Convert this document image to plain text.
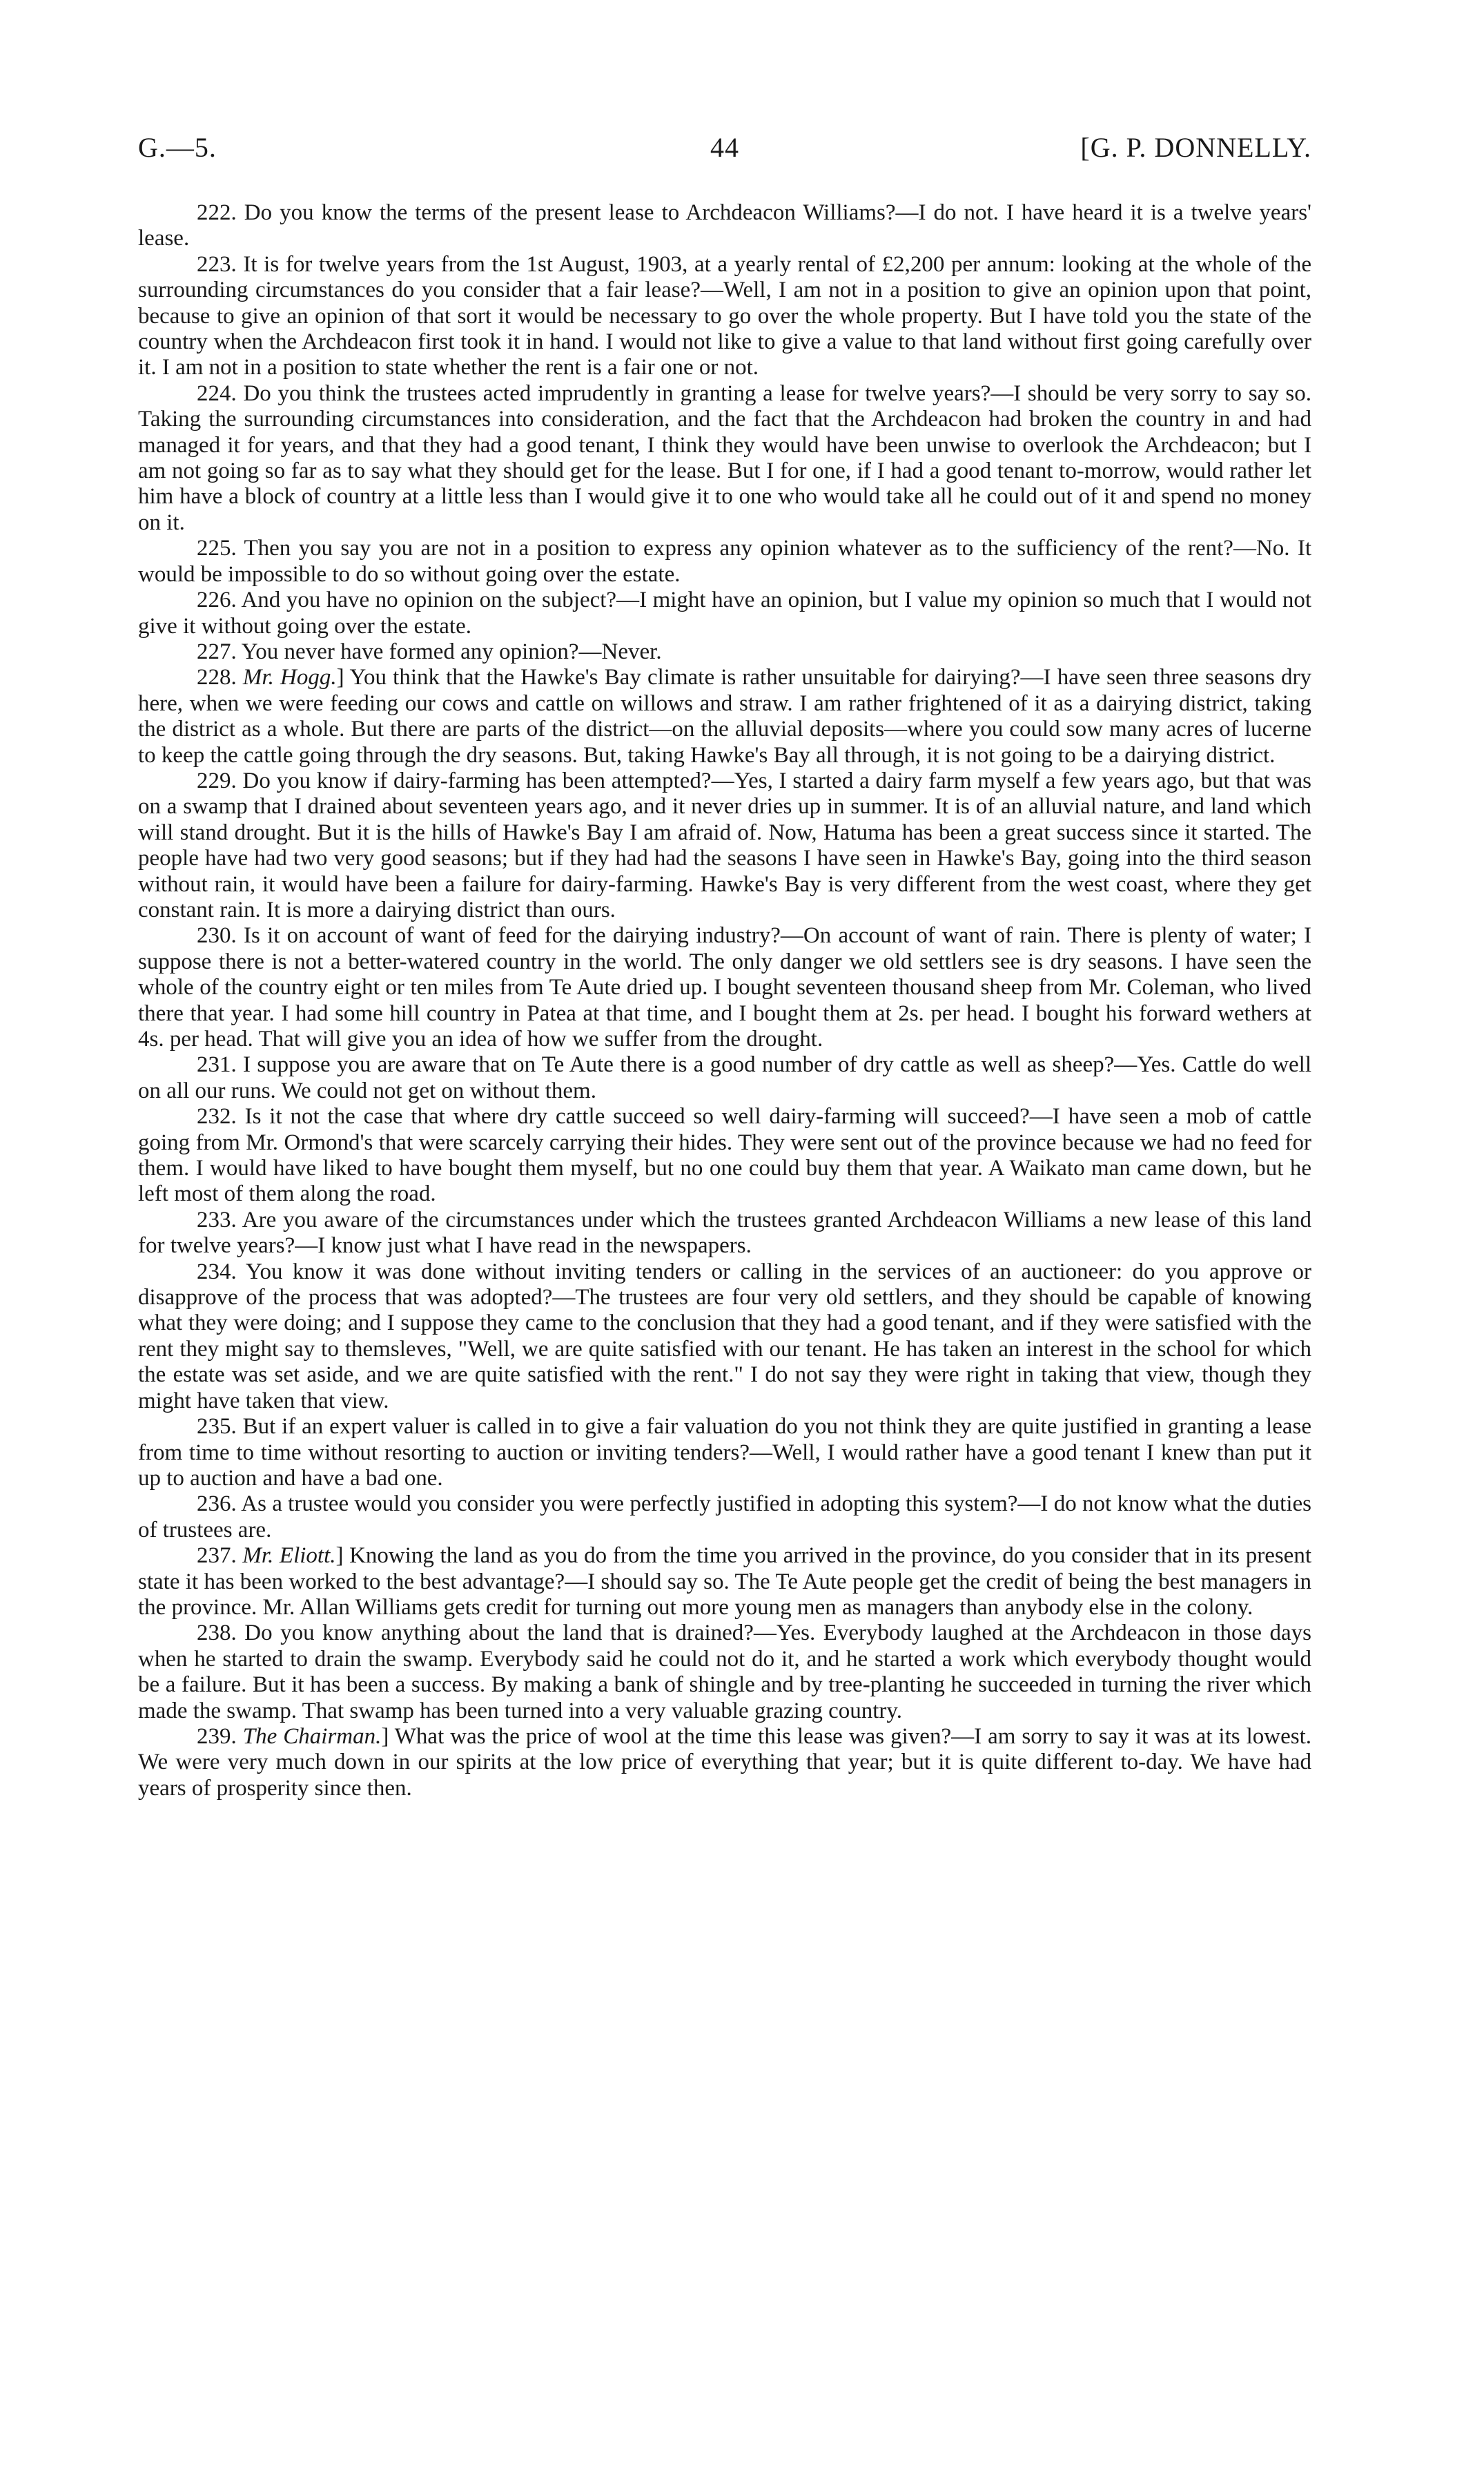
G.—5.	44	[G. P. DONNELLY.

222. Do you know the terms of the present lease to Archdeacon Williams?—I do not. I have heard it is a twelve years' lease.

223. It is for twelve years from the 1st August, 1903, at a yearly rental of £2,200 per annum: looking at the whole of the surrounding circumstances do you consider that a fair lease?—Well, I am not in a position to give an opinion upon that point, because to give an opinion of that sort it would be necessary to go over the whole property. But I have told you the state of the country when the Archdeacon first took it in hand. I would not like to give a value to that land without first going carefully over it. I am not in a position to state whether the rent is a fair one or not.

224. Do you think the trustees acted imprudently in granting a lease for twelve years?—I should be very sorry to say so. Taking the surrounding circumstances into consideration, and the fact that the Archdeacon had broken the country in and had managed it for years, and that they had a good tenant, I think they would have been unwise to overlook the Archdeacon; but I am not going so far as to say what they should get for the lease. But I for one, if I had a good tenant to-morrow, would rather let him have a block of country at a little less than I would give it to one who would take all he could out of it and spend no money on it.

225. Then you say you are not in a position to express any opinion whatever as to the sufficiency of the rent?—No. It would be impossible to do so without going over the estate.

226. And you have no opinion on the subject?—I might have an opinion, but I value my opinion so much that I would not give it without going over the estate.

227. You never have formed any opinion?—Never.

228. Mr. Hogg.] You think that the Hawke's Bay climate is rather unsuitable for dairying?—I have seen three seasons dry here, when we were feeding our cows and cattle on willows and straw. I am rather frightened of it as a dairying district, taking the district as a whole. But there are parts of the district—on the alluvial deposits—where you could sow many acres of lucerne to keep the cattle going through the dry seasons. But, taking Hawke's Bay all through, it is not going to be a dairying district.

229. Do you know if dairy-farming has been attempted?—Yes, I started a dairy farm myself a few years ago, but that was on a swamp that I drained about seventeen years ago, and it never dries up in summer. It is of an alluvial nature, and land which will stand drought. But it is the hills of Hawke's Bay I am afraid of. Now, Hatuma has been a great success since it started. The people have had two very good seasons; but if they had had the seasons I have seen in Hawke's Bay, going into the third season without rain, it would have been a failure for dairy-farming. Hawke's Bay is very different from the west coast, where they get constant rain. It is more a dairying district than ours.

230. Is it on account of want of feed for the dairying industry?—On account of want of rain. There is plenty of water; I suppose there is not a better-watered country in the world. The only danger we old settlers see is dry seasons. I have seen the whole of the country eight or ten miles from Te Aute dried up. I bought seventeen thousand sheep from Mr. Coleman, who lived there that year. I had some hill country in Patea at that time, and I bought them at 2s. per head. I bought his forward wethers at 4s. per head. That will give you an idea of how we suffer from the drought.

231. I suppose you are aware that on Te Aute there is a good number of dry cattle as well as sheep?—Yes. Cattle do well on all our runs. We could not get on without them.

232. Is it not the case that where dry cattle succeed so well dairy-farming will succeed?—I have seen a mob of cattle going from Mr. Ormond's that were scarcely carrying their hides. They were sent out of the province because we had no feed for them. I would have liked to have bought them myself, but no one could buy them that year. A Waikato man came down, but he left most of them along the road.

233. Are you aware of the circumstances under which the trustees granted Archdeacon Williams a new lease of this land for twelve years?—I know just what I have read in the newspapers.

234. You know it was done without inviting tenders or calling in the services of an auctioneer: do you approve or disapprove of the process that was adopted?—The trustees are four very old settlers, and they should be capable of knowing what they were doing; and I suppose they came to the conclusion that they had a good tenant, and if they were satisfied with the rent they might say to themsleves, "Well, we are quite satisfied with our tenant. He has taken an interest in the school for which the estate was set aside, and we are quite satisfied with the rent." I do not say they were right in taking that view, though they might have taken that view.

235. But if an expert valuer is called in to give a fair valuation do you not think they are quite justified in granting a lease from time to time without resorting to auction or inviting tenders?—Well, I would rather have a good tenant I knew than put it up to auction and have a bad one.

236. As a trustee would you consider you were perfectly justified in adopting this system?—I do not know what the duties of trustees are.

237. Mr. Eliott.] Knowing the land as you do from the time you arrived in the province, do you consider that in its present state it has been worked to the best advantage?—I should say so. The Te Aute people get the credit of being the best managers in the province. Mr. Allan Williams gets credit for turning out more young men as managers than anybody else in the colony.

238. Do you know anything about the land that is drained?—Yes. Everybody laughed at the Archdeacon in those days when he started to drain the swamp. Everybody said he could not do it, and he started a work which everybody thought would be a failure. But it has been a success. By making a bank of shingle and by tree-planting he succeeded in turning the river which made the swamp. That swamp has been turned into a very valuable grazing country.

239. The Chairman.] What was the price of wool at the time this lease was given?—I am sorry to say it was at its lowest. We were very much down in our spirits at the low price of everything that year; but it is quite different to-day. We have had years of prosperity since then.
